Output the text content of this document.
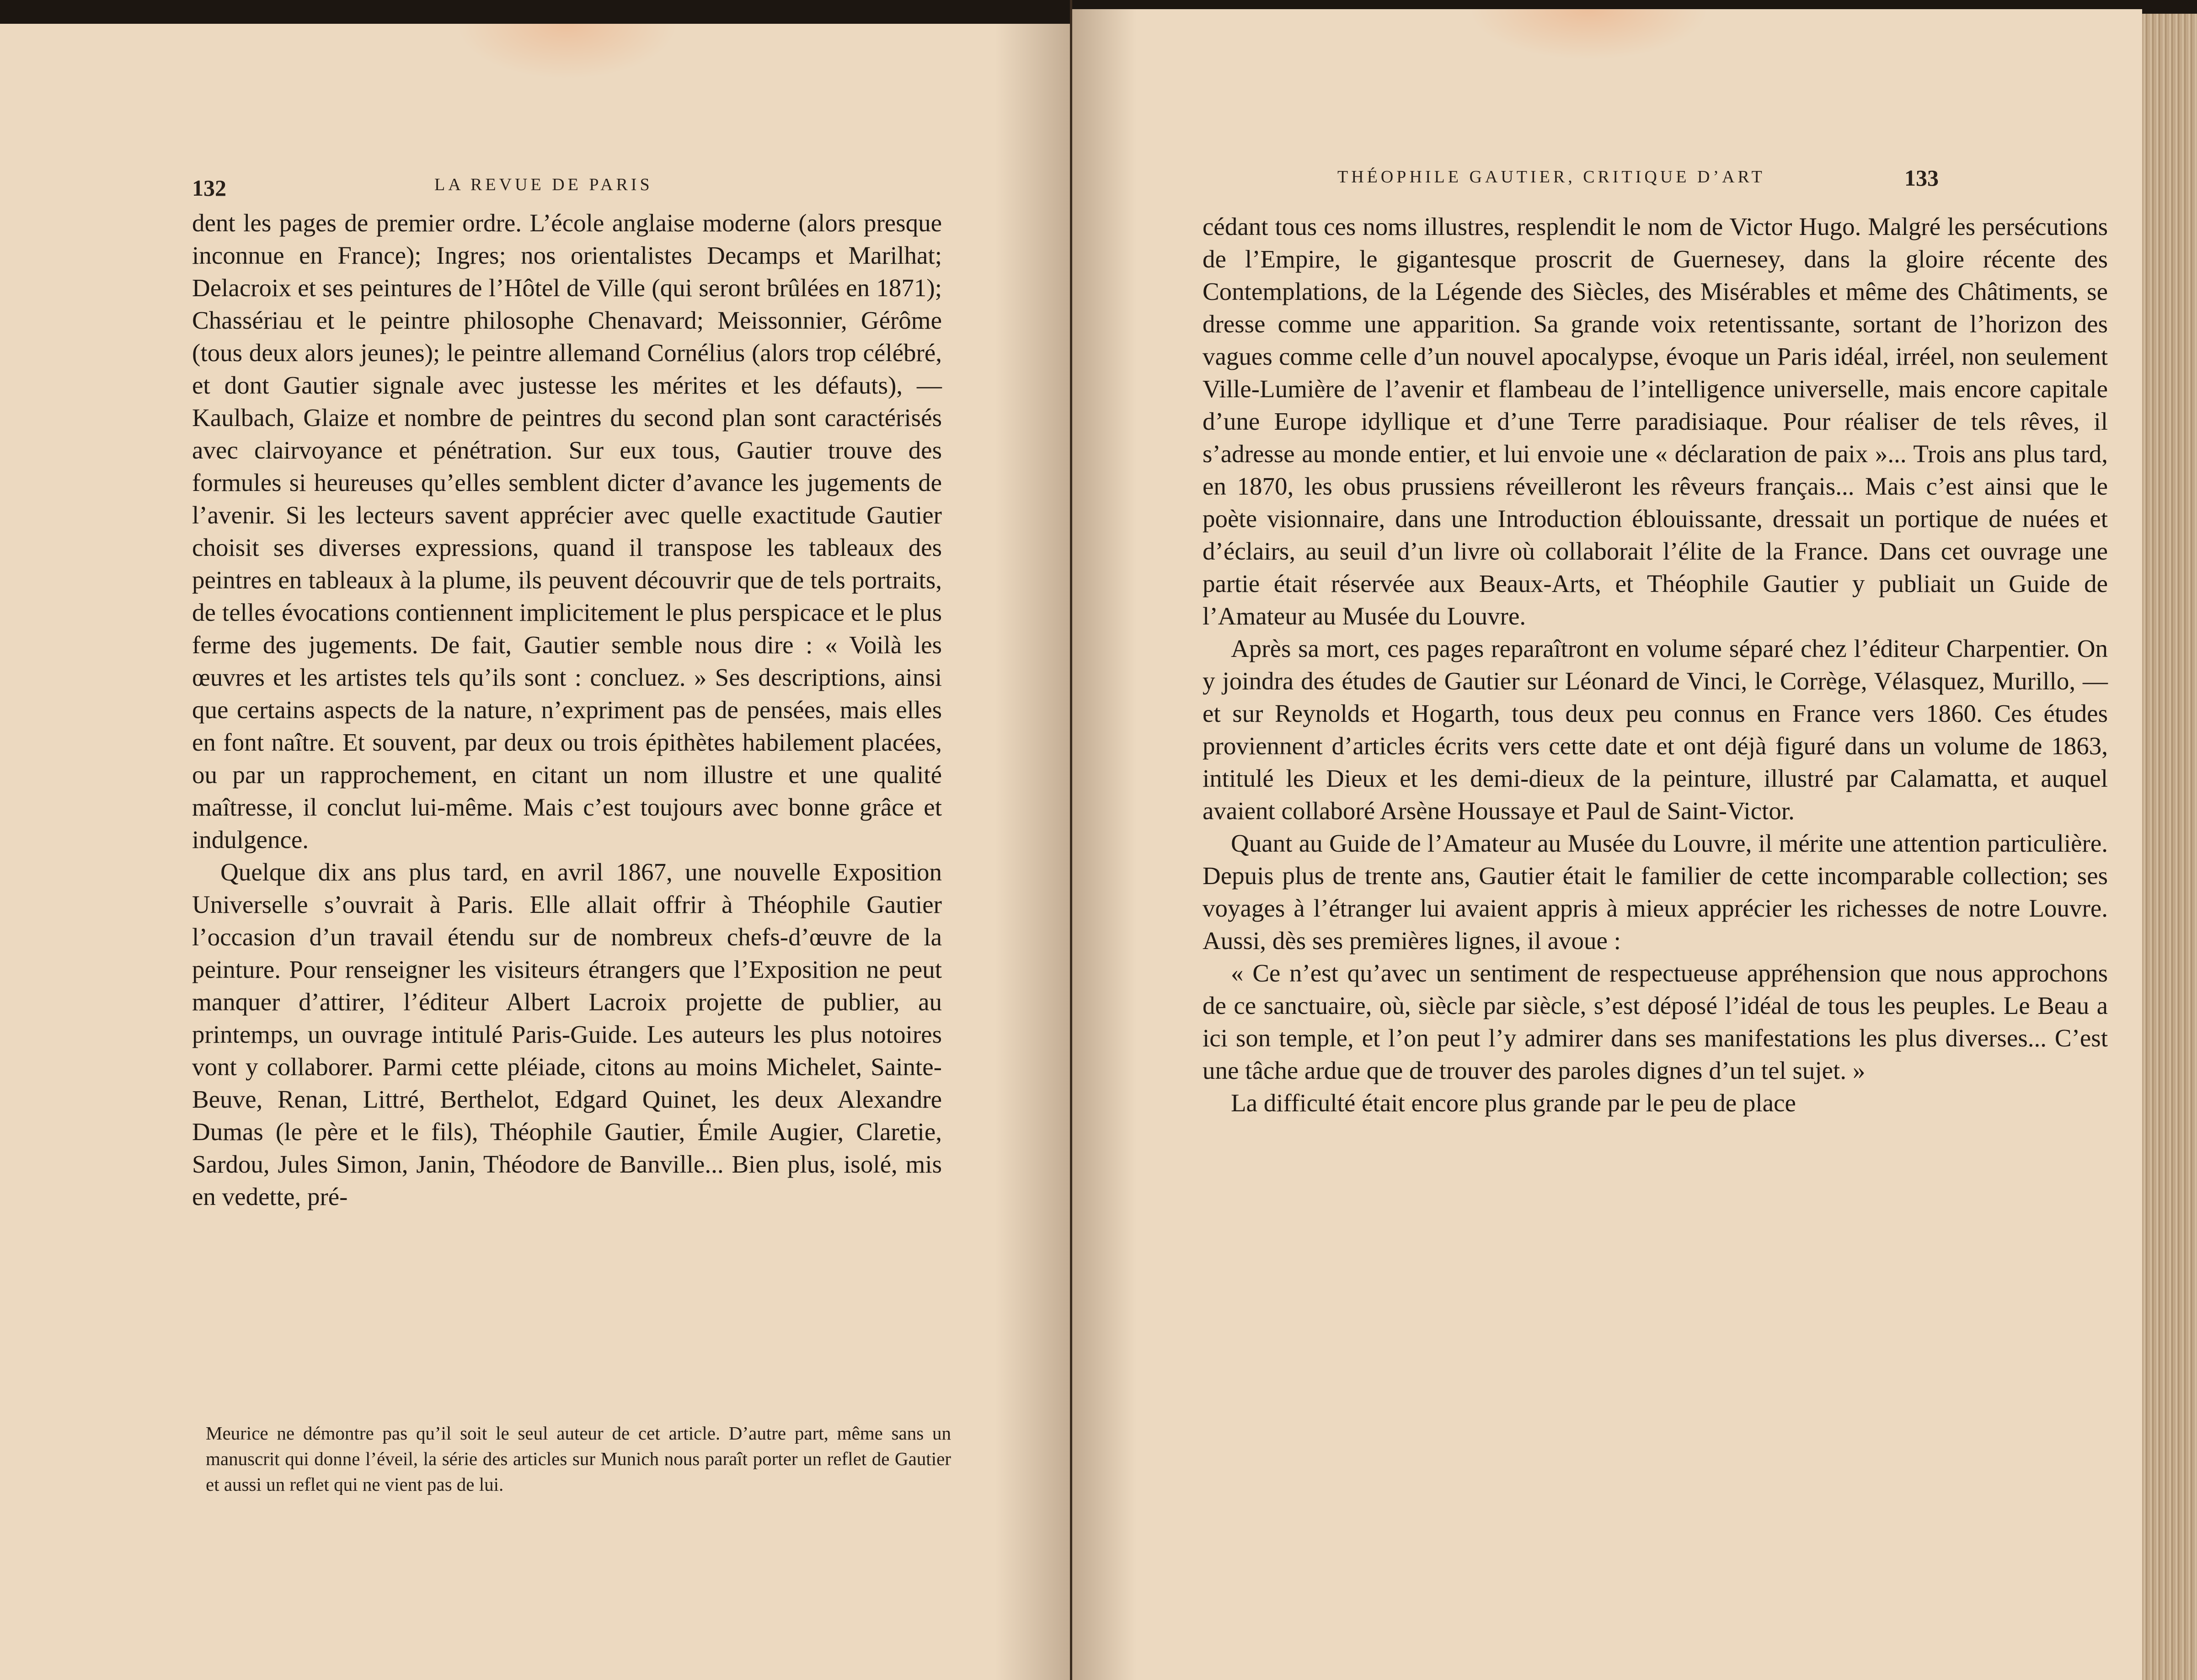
132	LA REVUE DE PARIS

dent les pages de premier ordre. L’école anglaise moderne (alors presque inconnue en France); Ingres; nos orientalistes Decamps et Marilhat; Delacroix et ses peintures de l’Hôtel de Ville (qui seront brûlées en 1871); Chassériau et le peintre philosophe Chenavard; Meissonnier, Gérôme (tous deux alors jeunes); le peintre allemand Cornélius (alors trop célébré, et dont Gautier signale avec justesse les mérites et les défauts), — Kaulbach, Glaize et nombre de peintres du second plan sont caractérisés avec clairvoyance et pénétration. Sur eux tous, Gautier trouve des formules si heureuses qu’elles semblent dicter d’avance les jugements de l’avenir. Si les lecteurs savent apprécier avec quelle exactitude Gautier choisit ses diverses expressions, quand il transpose les tableaux des peintres en tableaux à la plume, ils peuvent découvrir que de tels portraits, de telles évocations contiennent implicitement le plus perspicace et le plus ferme des jugements. De fait, Gautier semble nous dire : « Voilà les œuvres et les artistes tels qu’ils sont : concluez. » Ses descriptions, ainsi que certains aspects de la nature, n’expriment pas de pensées, mais elles en font naître. Et souvent, par deux ou trois épithètes habilement placées, ou par un rapprochement, en citant un nom illustre et une qualité maîtresse, il conclut lui-même. Mais c’est toujours avec bonne grâce et indulgence.

Quelque dix ans plus tard, en avril 1867, une nouvelle Exposition Universelle s’ouvrait à Paris. Elle allait offrir à Théophile Gautier l’occasion d’un travail étendu sur de nombreux chefs-d’œuvre de la peinture. Pour renseigner les visiteurs étrangers que l’Exposition ne peut manquer d’attirer, l’éditeur Albert Lacroix projette de publier, au printemps, un ouvrage intitulé Paris-Guide. Les auteurs les plus notoires vont y collaborer. Parmi cette pléiade, citons au moins Michelet, Sainte-Beuve, Renan, Littré, Berthelot, Edgard Quinet, les deux Alexandre Dumas (le père et le fils), Théophile Gautier, Émile Augier, Claretie, Sardou, Jules Simon, Janin, Théodore de Banville... Bien plus, isolé, mis en vedette, pré-

Meurice ne démontre pas qu’il soit le seul auteur de cet article. D’autre part, même sans un manuscrit qui donne l’éveil, la série des articles sur Munich nous paraît porter un reflet de Gautier et aussi un reflet qui ne vient pas de lui.
THÉOPHILE GAUTIER, CRITIQUE D’ART	133

cédant tous ces noms illustres, resplendit le nom de Victor Hugo. Malgré les persécutions de l’Empire, le gigantesque proscrit de Guernesey, dans la gloire récente des Contemplations, de la Légende des Siècles, des Misérables et même des Châtiments, se dresse comme une apparition. Sa grande voix retentissante, sortant de l’horizon des vagues comme celle d’un nouvel apocalypse, évoque un Paris idéal, irréel, non seulement Ville-Lumière de l’avenir et flambeau de l’intelligence universelle, mais encore capitale d’une Europe idyllique et d’une Terre paradisiaque. Pour réaliser de tels rêves, il s’adresse au monde entier, et lui envoie une « déclaration de paix »... Trois ans plus tard, en 1870, les obus prussiens réveilleront les rêveurs français... Mais c’est ainsi que le poète visionnaire, dans une Introduction éblouissante, dressait un portique de nuées et d’éclairs, au seuil d’un livre où collaborait l’élite de la France. Dans cet ouvrage une partie était réservée aux Beaux-Arts, et Théophile Gautier y publiait un Guide de l’Amateur au Musée du Louvre.

Après sa mort, ces pages reparaîtront en volume séparé chez l’éditeur Charpentier. On y joindra des études de Gautier sur Léonard de Vinci, le Corrège, Vélasquez, Murillo, — et sur Reynolds et Hogarth, tous deux peu connus en France vers 1860. Ces études proviennent d’articles écrits vers cette date et ont déjà figuré dans un volume de 1863, intitulé les Dieux et les demi-dieux de la peinture, illustré par Calamatta, et auquel avaient collaboré Arsène Houssaye et Paul de Saint-Victor.

Quant au Guide de l’Amateur au Musée du Louvre, il mérite une attention particulière. Depuis plus de trente ans, Gautier était le familier de cette incomparable collection; ses voyages à l’étranger lui avaient appris à mieux apprécier les richesses de notre Louvre. Aussi, dès ses premières lignes, il avoue :

« Ce n’est qu’avec un sentiment de respectueuse appréhension que nous approchons de ce sanctuaire, où, siècle par siècle, s’est déposé l’idéal de tous les peuples. Le Beau a ici son temple, et l’on peut l’y admirer dans ses manifestations les plus diverses... C’est une tâche ardue que de trouver des paroles dignes d’un tel sujet. »

La difficulté était encore plus grande par le peu de place
